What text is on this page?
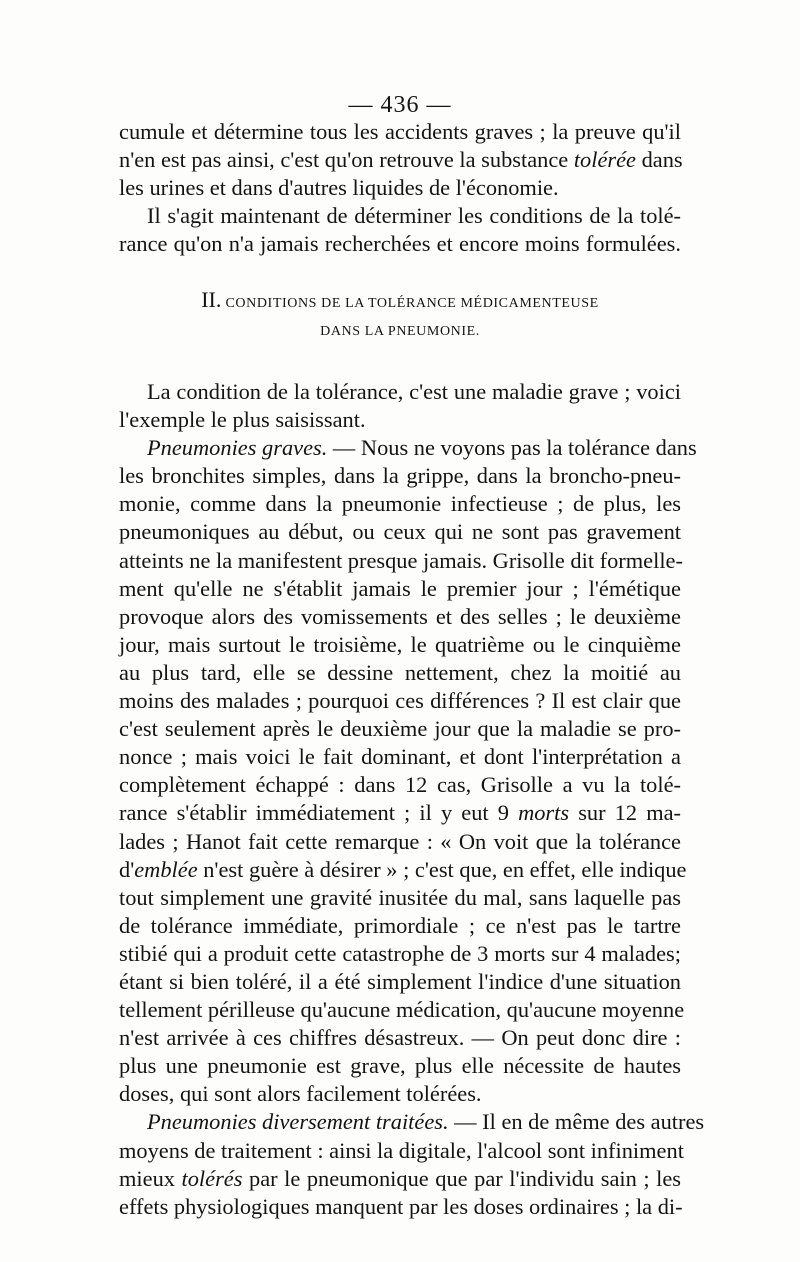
— 436 —
cumule et détermine tous les accidents graves ; la preuve qu'il
n'en est pas ainsi, c'est qu'on retrouve la substance tolérée dans
les urines et dans d'autres liquides de l'économie.
Il s'agit maintenant de déterminer les conditions de la tolé-
rance qu'on n'a jamais recherchées et encore moins formulées.
II. CONDITIONS DE LA TOLÉRANCE MÉDICAMENTEUSE
DANS LA PNEUMONIE.
La condition de la tolérance, c'est une maladie grave ; voici
l'exemple le plus saisissant.
Pneumonies graves. — Nous ne voyons pas la tolérance dans
les bronchites simples, dans la grippe, dans la broncho-pneu-
monie, comme dans la pneumonie infectieuse ; de plus, les
pneumoniques au début, ou ceux qui ne sont pas gravement
atteints ne la manifestent presque jamais. Grisolle dit formelle-
ment qu'elle ne s'établit jamais le premier jour ; l'émétique
provoque alors des vomissements et des selles ; le deuxième
jour, mais surtout le troisième, le quatrième ou le cinquième
au plus tard, elle se dessine nettement, chez la moitié au
moins des malades ; pourquoi ces différences ? Il est clair que
c'est seulement après le deuxième jour que la maladie se pro-
nonce ; mais voici le fait dominant, et dont l'interprétation a
complètement échappé : dans 12 cas, Grisolle a vu la tolé-
rance s'établir immédiatement ; il y eut 9 morts sur 12 ma-
lades ; Hanot fait cette remarque : « On voit que la tolérance
d'emblée n'est guère à désirer » ; c'est que, en effet, elle indique
tout simplement une gravité inusitée du mal, sans laquelle pas
de tolérance immédiate, primordiale ; ce n'est pas le tartre
stibié qui a produit cette catastrophe de 3 morts sur 4 malades;
étant si bien toléré, il a été simplement l'indice d'une situation
tellement périlleuse qu'aucune médication, qu'aucune moyenne
n'est arrivée à ces chiffres désastreux. — On peut donc dire :
plus une pneumonie est grave, plus elle nécessite de hautes
doses, qui sont alors facilement tolérées.
Pneumonies diversement traitées. — Il en de même des autres
moyens de traitement : ainsi la digitale, l'alcool sont infiniment
mieux tolérés par le pneumonique que par l'individu sain ; les
effets physiologiques manquent par les doses ordinaires ; la di-
